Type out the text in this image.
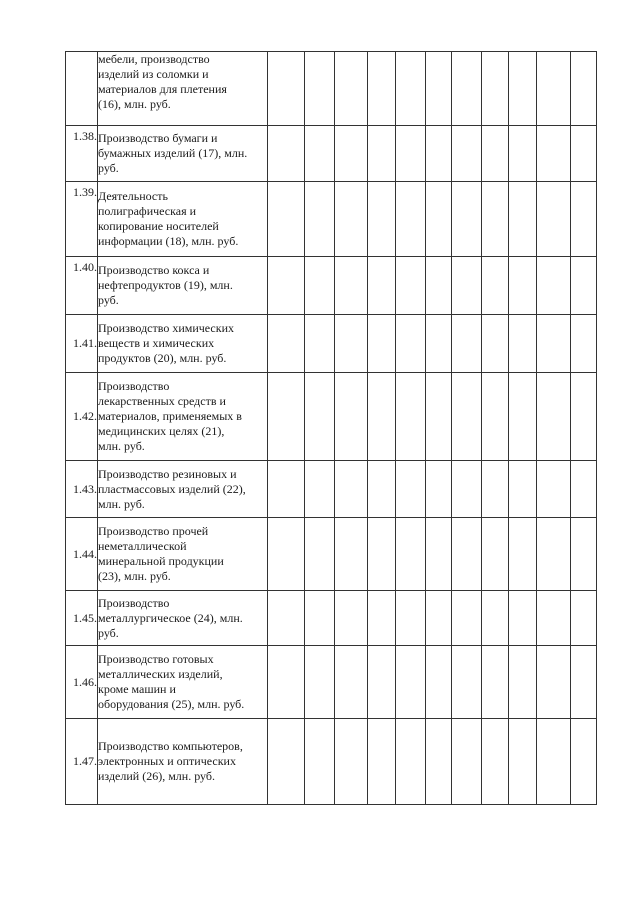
	мебели, производство
изделий из соломки и
материалов для плетения
(16), млн. руб.											

1.38.	Производство бумаги и
бумажных изделий (17), млн.
руб.											

1.39.	Деятельность
полиграфическая и
копирование носителей
информации (18), млн. руб.											

1.40.	Производство кокса и
нефтепродуктов (19), млн.
руб.											

1.41.	Производство химических
веществ и химических
продуктов (20), млн. руб.											

1.42.	Производство
лекарственных средств и
материалов, применяемых в
медицинских целях (21),
млн. руб.											

1.43.	Производство резиновых и
пластмассовых изделий (22),
млн. руб.											

1.44.	Производство прочей
неметаллической
минеральной продукции
(23), млн. руб.											

1.45.	Производство
металлургическое (24), млн.
руб.											

1.46.	Производство готовых
металлических изделий,
кроме машин и
оборудования (25), млн. руб.											

1.47.	Производство компьютеров,
электронных и оптических
изделий (26), млн. руб.											
